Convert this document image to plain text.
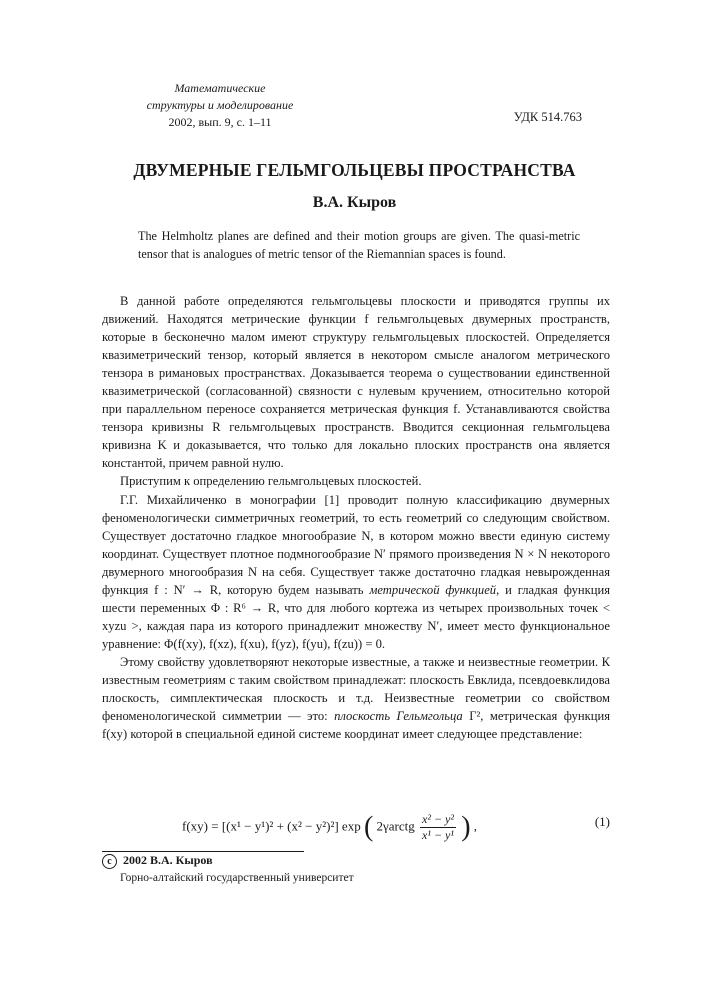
Математические
структуры и моделирование
2002, вып. 9, с. 1–11	УДК 514.763
ДВУМЕРНЫЕ ГЕЛЬМГОЛЬЦЕВЫ ПРОСТРАНСТВА
В.А. Кыров
The Helmholtz planes are defined and their motion groups are given. The quasi-metric tensor that is analogues of metric tensor of the Riemannian spaces is found.

В данной работе определяются гельмгольцевы плоскости и приводятся группы их движений. Находятся метрические функции f гельмгольцевых двумерных пространств, которые в бесконечно малом имеют структуру гельмгольцевых плоскостей. Определяется квазиметрический тензор, который является в некотором смысле аналогом метрического тензора в римановых пространствах. Доказывается теорема о существовании единственной квазиметрической (согласованной) связности с нулевым кручением, относительно которой при параллельном переносе сохраняется метрическая функция f. Устанавливаются свойства тензора кривизны R гельмгольцевых пространств. Вводится секционная гельмгольцева кривизна K и доказывается, что только для локально плоских пространств она является константой, причем равной нулю.

Приступим к определению гельмгольцевых плоскостей.

Г.Г. Михайличенко в монографии [1] проводит полную классификацию двумерных феноменологически симметричных геометрий, то есть геометрий со следующим свойством. Существует достаточно гладкое многообразие N, в котором можно ввести единую систему координат. Существует плотное подмногообразие N′ прямого произведения N × N некоторого двумерного многообразия N на себя. Существует также достаточно гладкая невырожденная функция f : N′ → R, которую будем называть метрической функцией, и гладкая функция шести переменных Φ : R⁶ → R, что для любого кортежа из четырех произвольных точек < xyzu >, каждая пара из которого принадлежит множеству N′, имеет место функциональное уравнение: Φ(f(xy), f(xz), f(xu), f(yz), f(yu), f(zu)) = 0.

Этому свойству удовлетворяют некоторые известные, а также и неизвестные геометрии. К известным геометриям с таким свойством принадлежат: плоскость Евклида, псевдоевклидова плоскость, симплектическая плоскость и т.д. Неизвестные геометрии со свойством феноменологической симметрии — это: плоскость Гельмгольца Γ², метрическая функция f(xy) которой в специальной единой системе координат имеет следующее представление:

f(xy) = [(x¹ − y¹)² + (x² − y²)²] exp ( 2γarctg $\frac{\text{x² − y²}}{\text{x¹ − y¹}}$ ) ,	(1)
c 2002 В.А. Кыров
Горно-алтайский государственный университет
